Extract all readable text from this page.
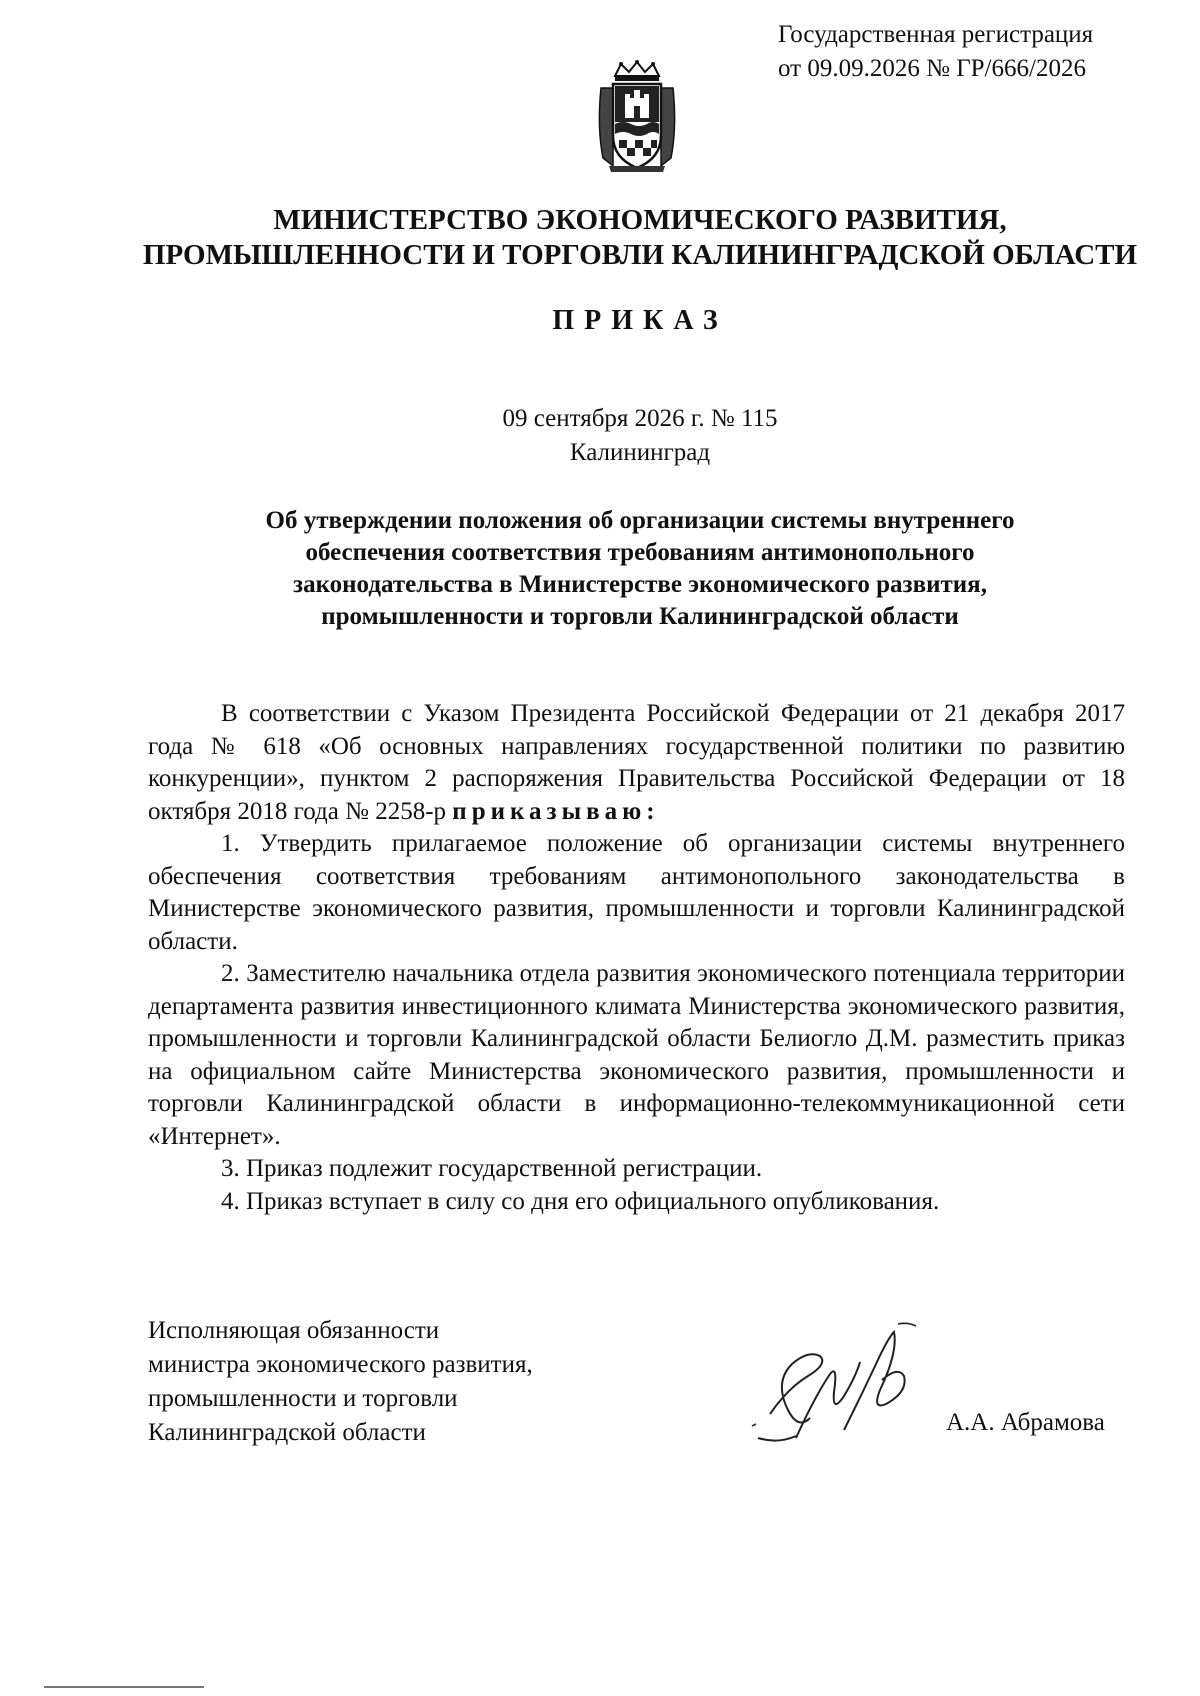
Государственная регистрация
от 09.09.2026 № ГР/666/2026
МИНИСТЕРСТВО ЭКОНОМИЧЕСКОГО РАЗВИТИЯ,
ПРОМЫШЛЕННОСТИ И ТОРГОВЛИ КАЛИНИНГРАДСКОЙ ОБЛАСТИ
ПРИКАЗ
09 сентября 2026 г. № 115
Калининград
Об утверждении положения об организации системы внутреннего
обеспечения соответствия требованиям антимонопольного
законодательства в Министерстве экономического развития,
промышленности и торговли Калининградской области

В соответствии с Указом Президента Российской Федерации от 21 декабря 2017 года № 618 «Об основных направлениях государственной политики по развитию конкуренции», пунктом 2 распоряжения Правительства Российской Федерации от 18 октября 2018 года № 2258-р приказываю:

1. Утвердить прилагаемое положение об организации системы внутреннего обеспечения соответствия требованиям антимонопольного законодательства в Министерстве экономического развития, промышленности и торговли Калининградской области.

2. Заместителю начальника отдела развития экономического потенциала территории департамента развития инвестиционного климата Министерства экономического развития, промышленности и торговли Калининградской области Белиогло Д.М. разместить приказ на официальном сайте Министерства экономического развития, промышленности и торговли Калининградской области в информационно-телекоммуникационной сети «Интернет».

3. Приказ подлежит государственной регистрации.

4. Приказ вступает в силу со дня его официального опубликования.

Исполняющая обязанности
министра экономического развития,
промышленности и торговли
Калининградской области	А.А. Абрамова
